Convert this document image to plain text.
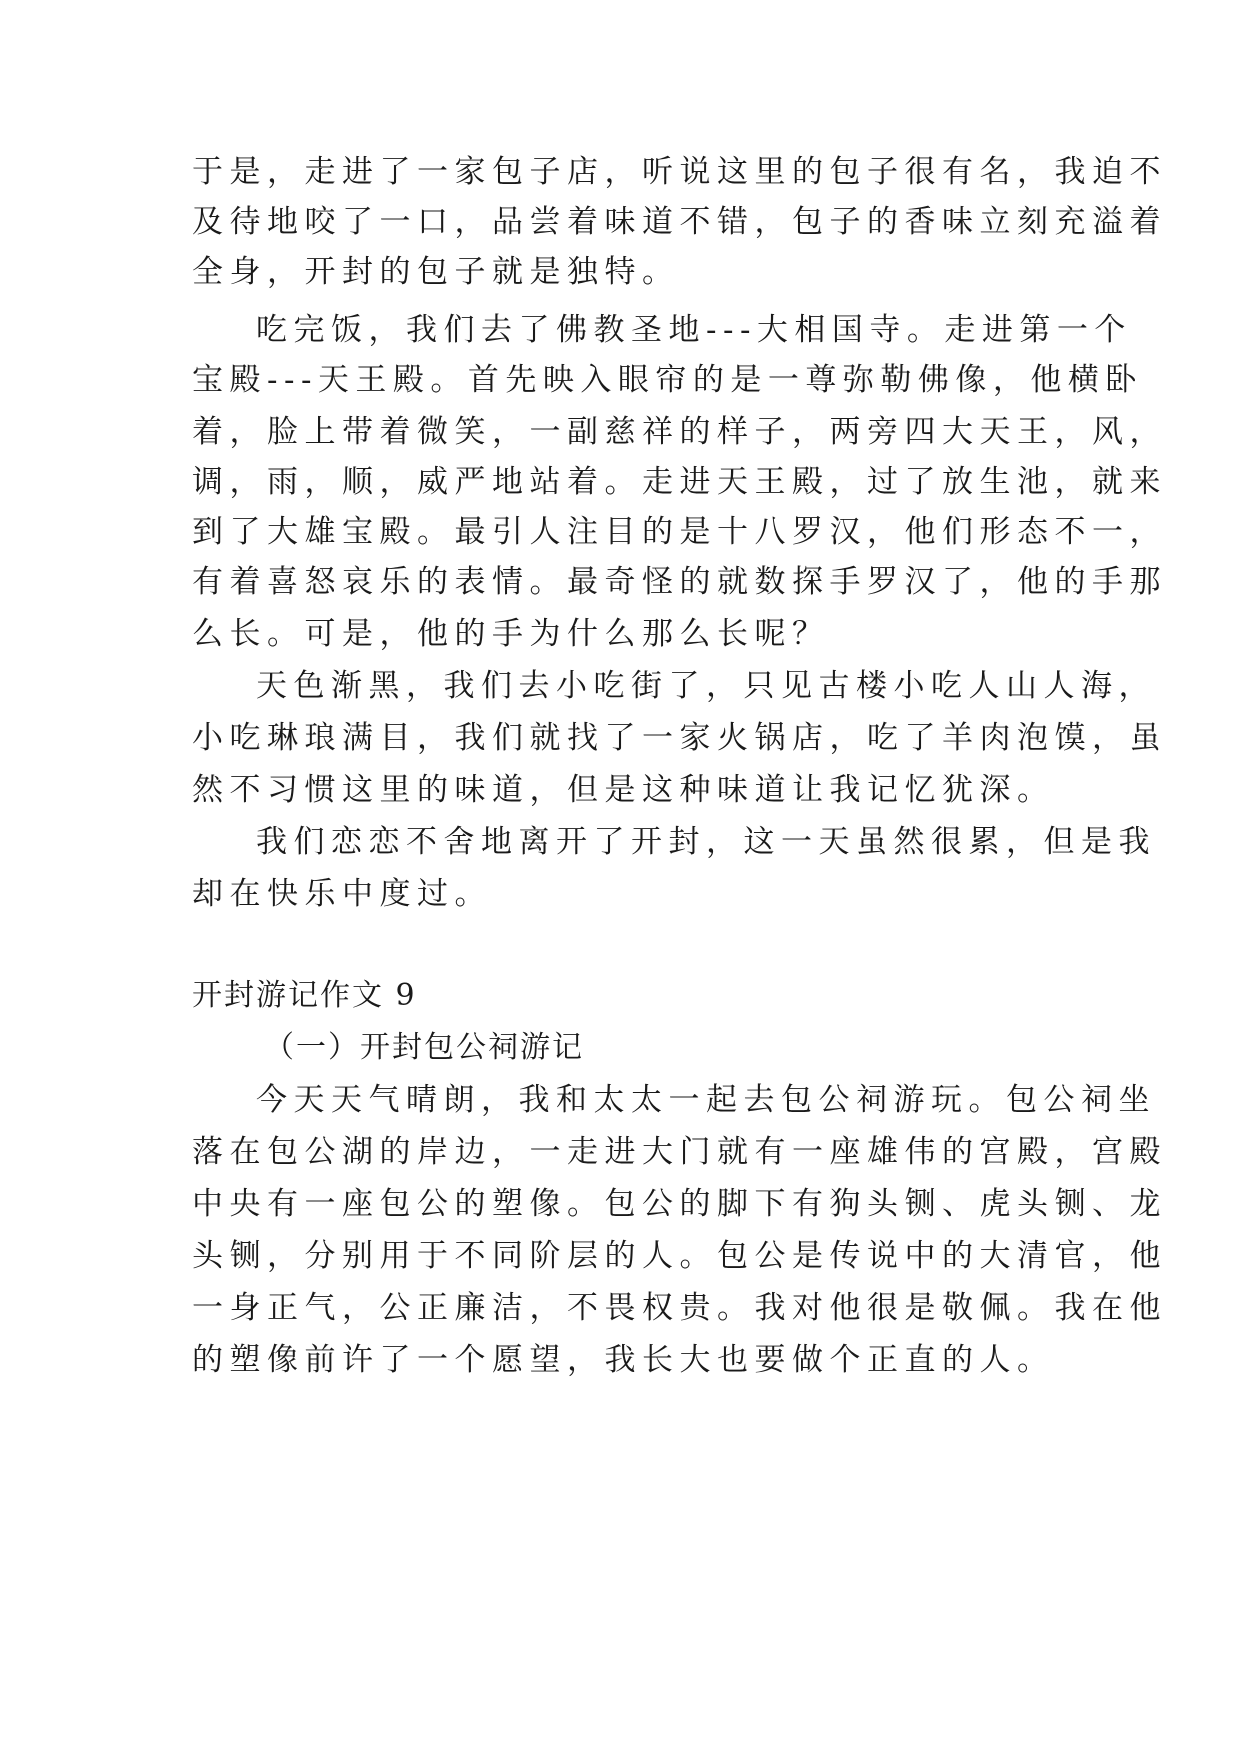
于是，走进了一家包子店，听说这里的包子很有名，我迫不
及待地咬了一口，品尝着味道不错，包子的香味立刻充溢着
全身，开封的包子就是独特。
吃完饭，我们去了佛教圣地---大相国寺。走进第一个
宝殿---天王殿。首先映入眼帘的是一尊弥勒佛像，他横卧
着，脸上带着微笑，一副慈祥的样子，两旁四大天王，风，
调，雨，顺，威严地站着。走进天王殿，过了放生池，就来
到了大雄宝殿。最引人注目的是十八罗汉，他们形态不一，
有着喜怒哀乐的表情。最奇怪的就数探手罗汉了，他的手那
么长。可是，他的手为什么那么长呢？
天色渐黑，我们去小吃街了，只见古楼小吃人山人海，
小吃琳琅满目，我们就找了一家火锅店，吃了羊肉泡馍，虽
然不习惯这里的味道，但是这种味道让我记忆犹深。
我们恋恋不舍地离开了开封，这一天虽然很累，但是我
却在快乐中度过。
开封游记作文 9
（一）开封包公祠游记
今天天气晴朗，我和太太一起去包公祠游玩。包公祠坐
落在包公湖的岸边，一走进大门就有一座雄伟的宫殿，宫殿
中央有一座包公的塑像。包公的脚下有狗头铡、虎头铡、龙
头铡，分别用于不同阶层的人。包公是传说中的大清官，他
一身正气，公正廉洁，不畏权贵。我对他很是敬佩。我在他
的塑像前许了一个愿望，我长大也要做个正直的人。
